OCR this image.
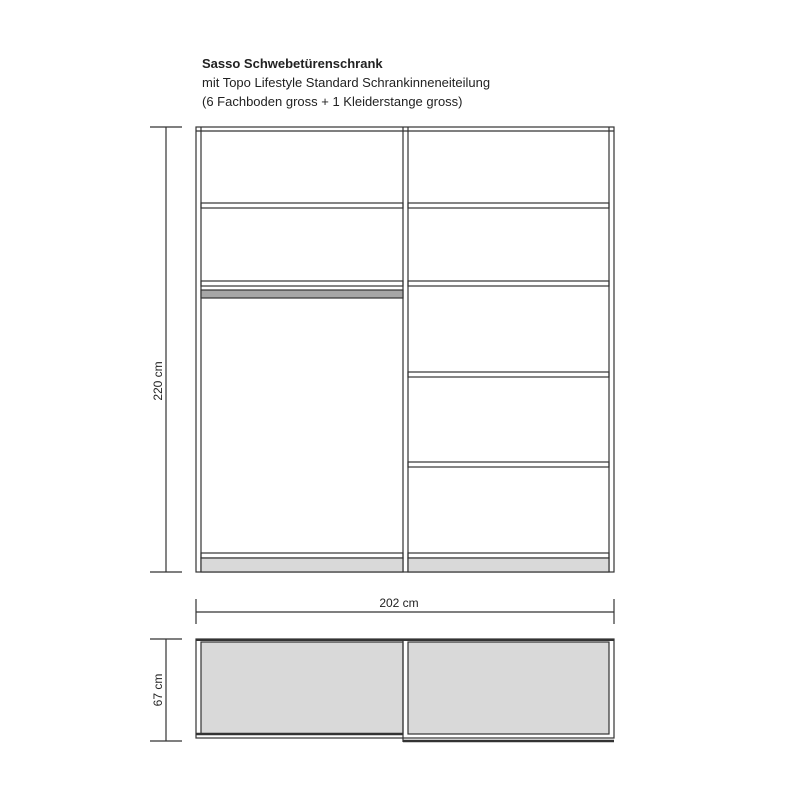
Sasso Schwebetürenschrank
mit Topo Lifestyle Standard Schrankinneneiteilung
(6 Fachboden gross + 1 Kleiderstange gross)
220 cm
202 cm
67 cm
